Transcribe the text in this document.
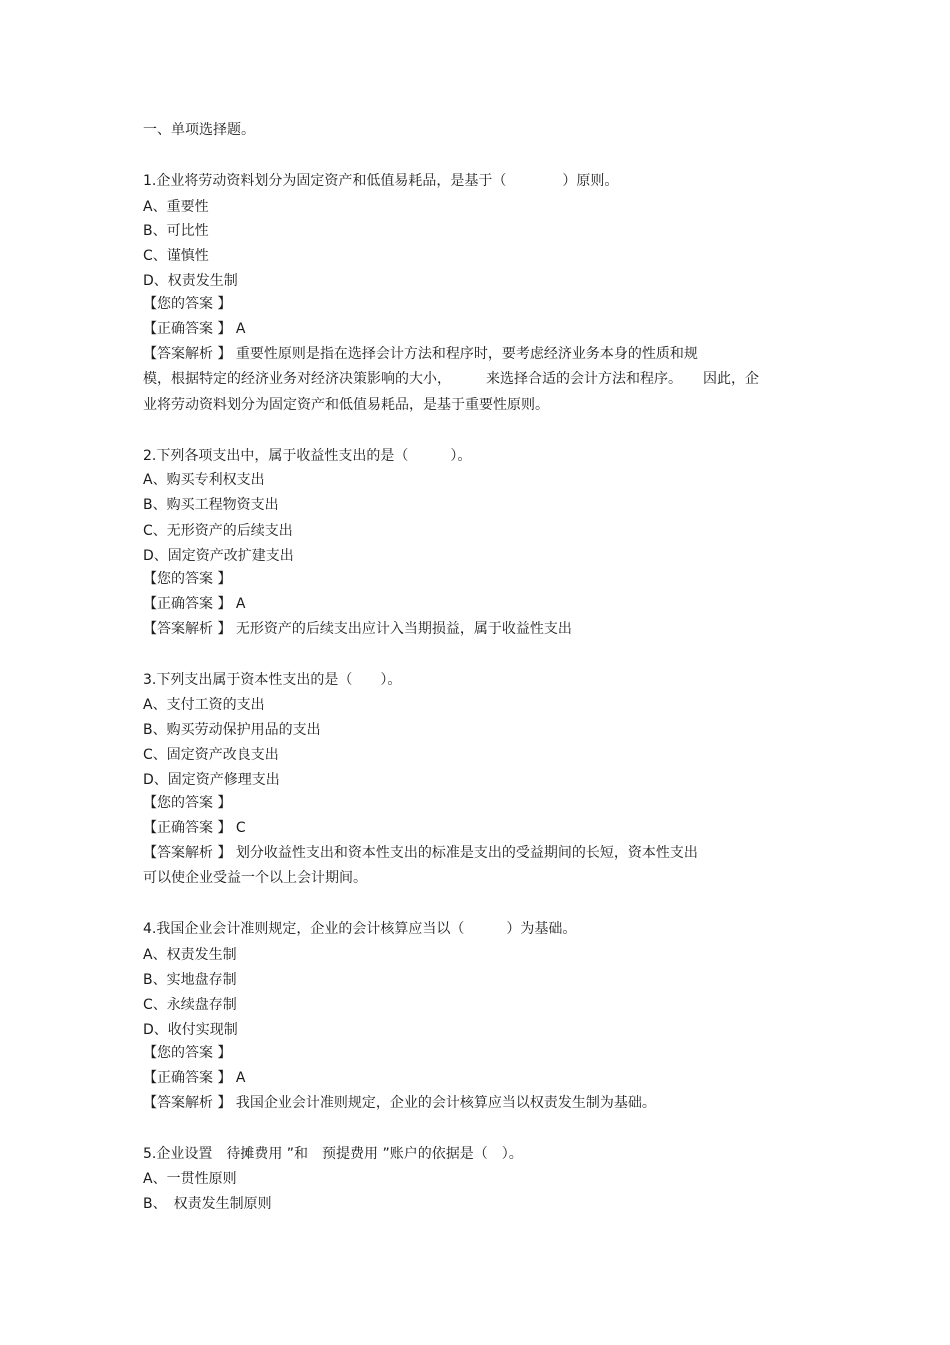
一、单项选择题。
1.企业将劳动资料划分为固定资产和低值易耗品，是基于（　　　　）原则。
A、重要性
B、可比性
C、谨慎性
D、权责发生制
【您的答案 】
【正确答案 】 A
【答案解析 】 重要性原则是指在选择会计方法和程序时，要考虑经济业务本身的性质和规
模，根据特定的经济业务对经济决策影响的大小，　　　来选择合适的会计方法和程序。　　因此，企
业将劳动资料划分为固定资产和低值易耗品，是基于重要性原则。
2.下列各项支出中，属于收益性支出的是（　　　）。
A、购买专利权支出
B、购买工程物资支出
C、无形资产的后续支出
D、固定资产改扩建支出
【您的答案 】
【正确答案 】 A
【答案解析 】 无形资产的后续支出应计入当期损益，属于收益性支出
3.下列支出属于资本性支出的是（　　）。
A、支付工资的支出
B、购买劳动保护用品的支出
C、固定资产改良支出
D、固定资产修理支出
【您的答案 】
【正确答案 】 C
【答案解析 】 划分收益性支出和资本性支出的标准是支出的受益期间的长短，资本性支出
可以使企业受益一个以上会计期间。
4.我国企业会计准则规定，企业的会计核算应当以（　　　）为基础。
A、权责发生制
B、实地盘存制
C、永续盘存制
D、收付实现制
【您的答案 】
【正确答案 】 A
【答案解析 】 我国企业会计准则规定，企业的会计核算应当以权责发生制为基础。
5.企业设置　待摊费用 ”和　预提费用 ”账户的依据是（　）。
A、一贯性原则
B、　权责发生制原则
